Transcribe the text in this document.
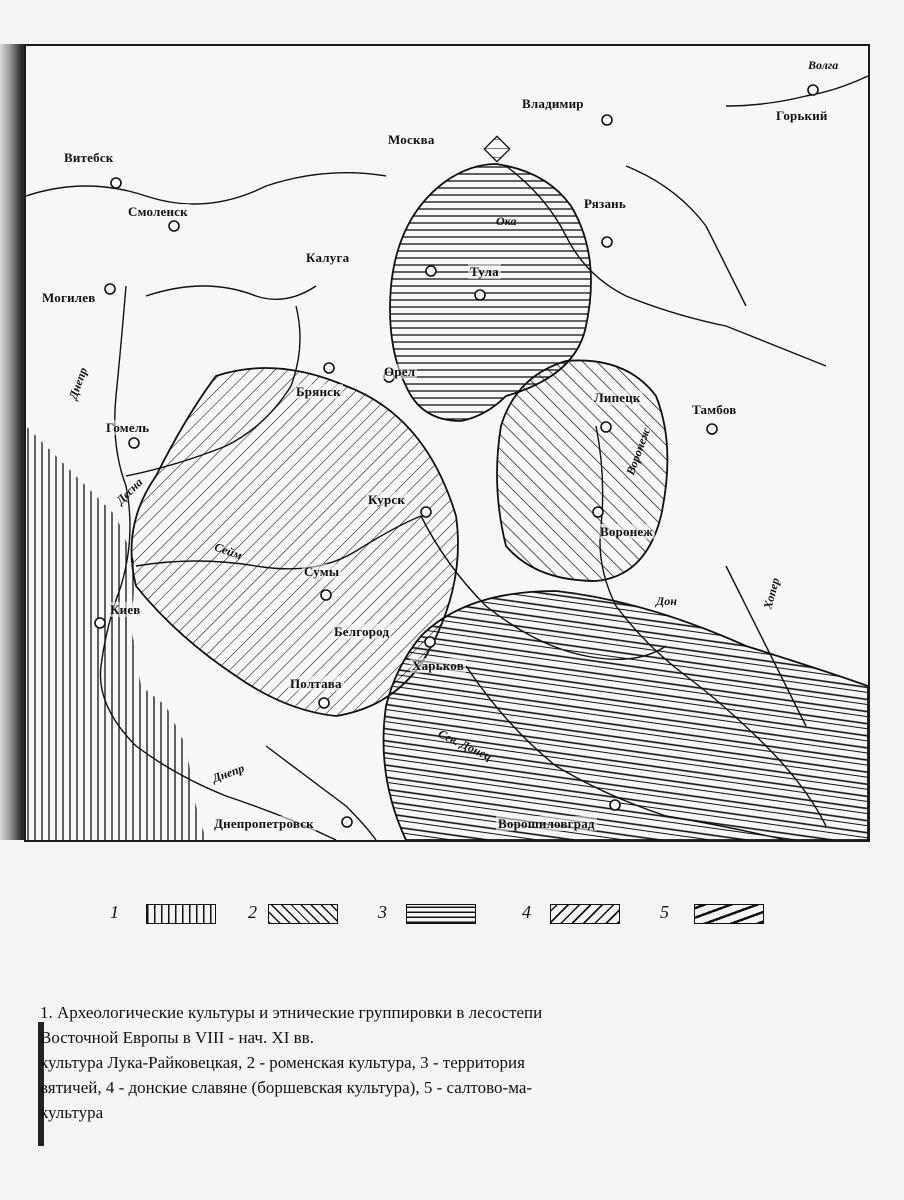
Витебск
Смоленск
Могилев
Гомель
Киев
Москва
Владимир
Горький
Рязань
Калуга
Тула
Брянск
Орел
Липецк
Тамбов
Курск
Воронеж
Сумы
Белгород
Харьков
Полтава
Днепропетровск	Ворошиловград
Волга
Днепр
Десна
Сейм
Дон	Хопер
Днепр
Сев. Донец
Ока
Воронеж
1	2	3	4	5

1. Археологические культуры и этнические группировки в лесостепи

Восточной Европы в VIII - нач. XI вв.

культура Лука-Райковецкая, 2 - роменская культура, 3 - территория

вятичей, 4 - донские славяне (боршевская культура), 5 - салтово-ма-

культура
